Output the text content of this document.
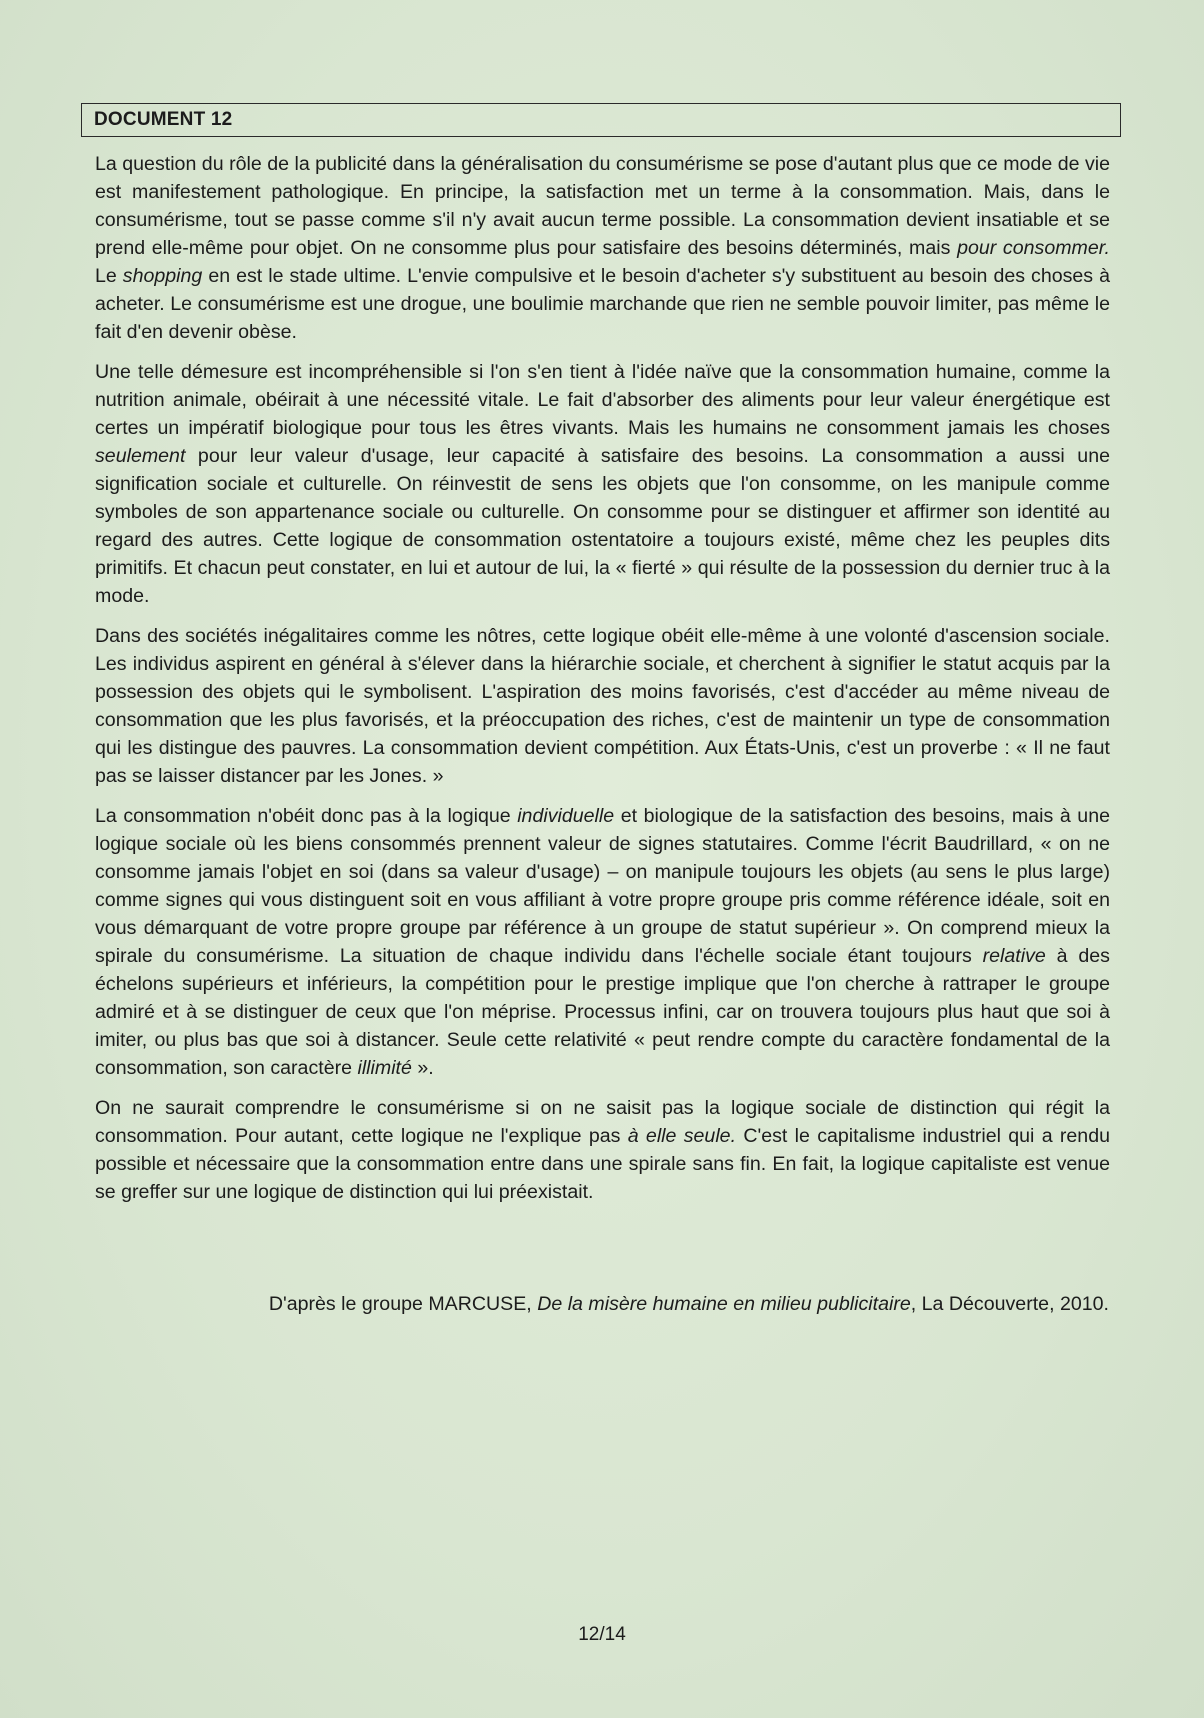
DOCUMENT 12

La question du rôle de la publicité dans la généralisation du consumérisme se pose d'autant plus que ce mode de vie est manifestement pathologique. En principe, la satisfaction met un terme à la consommation. Mais, dans le consumérisme, tout se passe comme s'il n'y avait aucun terme possible. La consommation devient insatiable et se prend elle-même pour objet. On ne consomme plus pour satisfaire des besoins déterminés, mais pour consommer. Le shopping en est le stade ultime. L'envie compulsive et le besoin d'acheter s'y substituent au besoin des choses à acheter. Le consumérisme est une drogue, une boulimie marchande que rien ne semble pouvoir limiter, pas même le fait d'en devenir obèse.

Une telle démesure est incompréhensible si l'on s'en tient à l'idée naïve que la consommation humaine, comme la nutrition animale, obéirait à une nécessité vitale. Le fait d'absorber des aliments pour leur valeur énergétique est certes un impératif biologique pour tous les êtres vivants. Mais les humains ne consomment jamais les choses seulement pour leur valeur d'usage, leur capacité à satisfaire des besoins. La consommation a aussi une signification sociale et culturelle. On réinvestit de sens les objets que l'on consomme, on les manipule comme symboles de son appartenance sociale ou culturelle. On consomme pour se distinguer et affirmer son identité au regard des autres. Cette logique de consommation ostentatoire a toujours existé, même chez les peuples dits primitifs. Et chacun peut constater, en lui et autour de lui, la « fierté » qui résulte de la possession du dernier truc à la mode.

Dans des sociétés inégalitaires comme les nôtres, cette logique obéit elle-même à une volonté d'ascension sociale. Les individus aspirent en général à s'élever dans la hiérarchie sociale, et cherchent à signifier le statut acquis par la possession des objets qui le symbolisent. L'aspiration des moins favorisés, c'est d'accéder au même niveau de consommation que les plus favorisés, et la préoccupation des riches, c'est de maintenir un type de consommation qui les distingue des pauvres. La consommation devient compétition. Aux États-Unis, c'est un proverbe : « Il ne faut pas se laisser distancer par les Jones. »

La consommation n'obéit donc pas à la logique individuelle et biologique de la satisfaction des besoins, mais à une logique sociale où les biens consommés prennent valeur de signes statutaires. Comme l'écrit Baudrillard, « on ne consomme jamais l'objet en soi (dans sa valeur d'usage) – on manipule toujours les objets (au sens le plus large) comme signes qui vous distinguent soit en vous affiliant à votre propre groupe pris comme référence idéale, soit en vous démarquant de votre propre groupe par référence à un groupe de statut supérieur ». On comprend mieux la spirale du consumérisme. La situation de chaque individu dans l'échelle sociale étant toujours relative à des échelons supérieurs et inférieurs, la compétition pour le prestige implique que l'on cherche à rattraper le groupe admiré et à se distinguer de ceux que l'on méprise. Processus infini, car on trouvera toujours plus haut que soi à imiter, ou plus bas que soi à distancer. Seule cette relativité « peut rendre compte du caractère fondamental de la consommation, son caractère illimité ».

On ne saurait comprendre le consumérisme si on ne saisit pas la logique sociale de distinction qui régit la consommation. Pour autant, cette logique ne l'explique pas à elle seule. C'est le capitalisme industriel qui a rendu possible et nécessaire que la consommation entre dans une spirale sans fin. En fait, la logique capitaliste est venue se greffer sur une logique de distinction qui lui préexistait.

D'après le groupe MARCUSE, De la misère humaine en milieu publicitaire, La Découverte, 2010.
12/14
